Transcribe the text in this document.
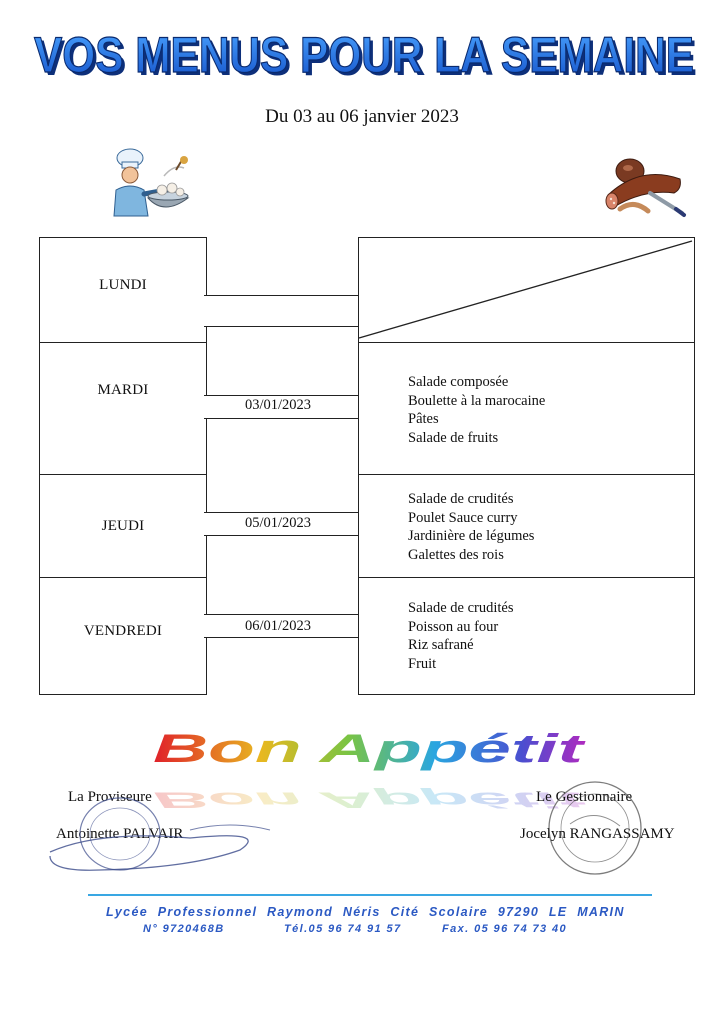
VOS MENUS POUR LA SEMAINE
VOS MENUS POUR LA SEMAINE
Du 03 au 06 janvier 2023
LUNDI
MARDI
JEUDI
VENDREDI
03/01/2023
05/01/2023
06/01/2023
Salade composée
Boulette à la marocaine
Pâtes
Salade de fruits
Salade de crudités
Poulet Sauce curry
Jardinière de légumes
Galettes des rois
Salade de crudités
Poisson au four
Riz safrané
Fruit
Bon Appétit
Bon Appétit
La Proviseure
Antoinette PALVAIR
Le Gestionnaire
Jocelyn RANGASSAMY
Lycée Professionnel Raymond Néris Cité Scolaire 97290 LE MARIN
N° 9720468B	Tél.05 96 74 91 57	Fax. 05 96 74 73 40
